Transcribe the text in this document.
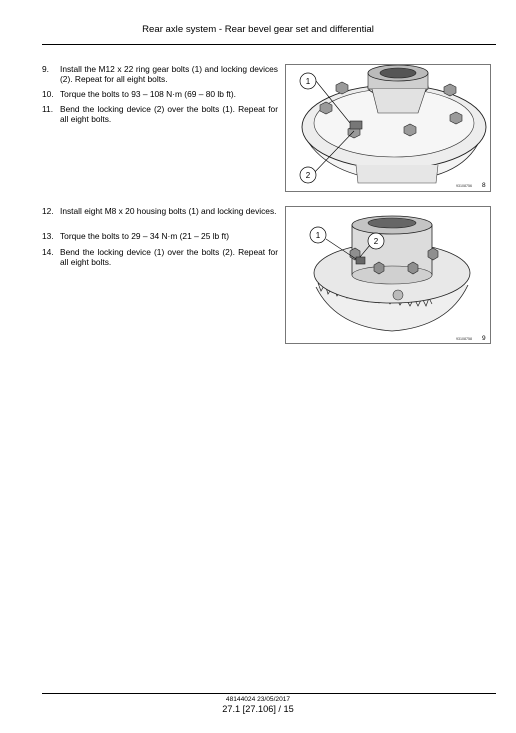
Rear axle system - Rear bevel gear set and differential
9. Install the M12 x 22 ring gear bolts (1) and locking devices (2). Repeat for all eight bolts.
10. Torque the bolts to 93 – 108 N·m (69 – 80 lb ft).
11. Bend the locking device (2) over the bolts (1). Repeat for all eight bolts.
12. Install eight M8 x 20 housing bolts (1) and locking devices.
13. Torque the bolts to 29 – 34 N·m (21 – 25 lb ft)
14. Bend the locking device (1) over the bolts (2). Repeat for all eight bolts.
1
2
93108756 8
1
2
93108758 9
48144024 23/05/2017
27.1 [27.106] / 15
